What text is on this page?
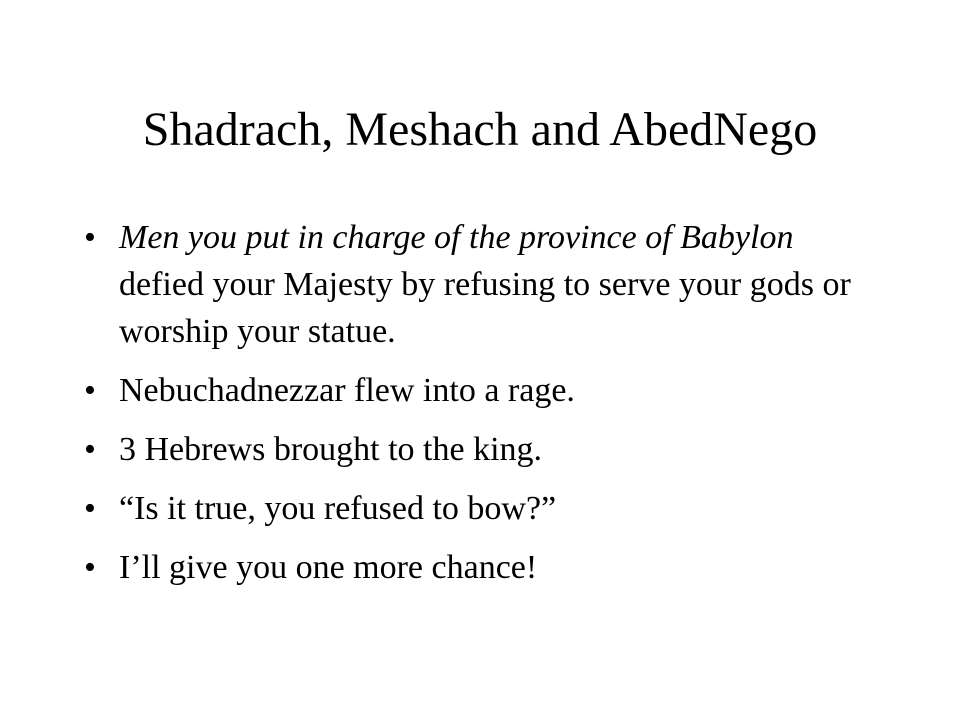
Shadrach, Meshach and AbedNego
• Men you put in charge of the province of Babylon defied your Majesty by refusing to serve your gods or worship your statue.
• Nebuchadnezzar flew into a rage.
• 3 Hebrews brought to the king.
• “Is it true, you refused to bow?”
• I’ll give you one more chance!
